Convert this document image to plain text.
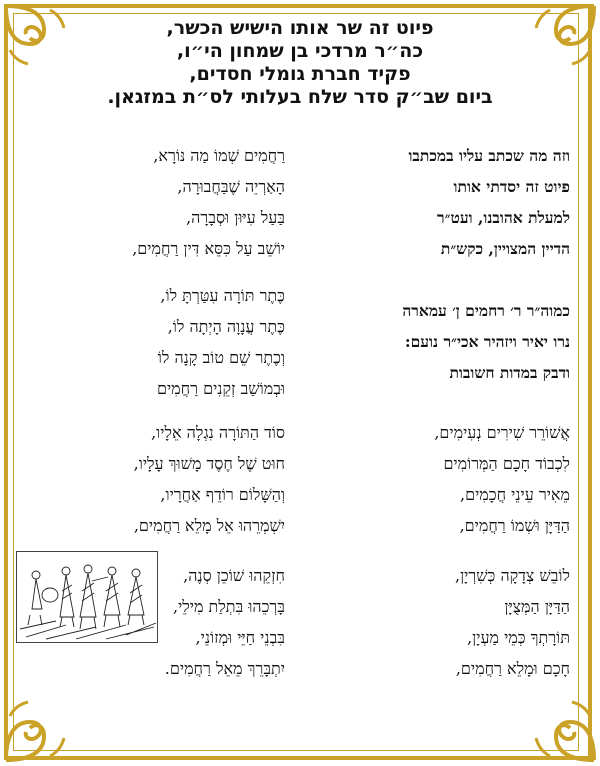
פיוט זה שר אותו הישיש הכשר,
כה״ר מרדכי בן שמחון הי״ו,
פקיד חברת גומלי חסדים,
ביום שב״ק סדר שלח בעלותי לס״ת במזגאן.
וזה מה שכתב עליו במכתבו
פיוט זה יסדתי אותו
למעלת אהובנו, ועט״ר
הדיין המצויין, כקש״ת
כמוה״ר ר׳ רחמים ן׳ עמארה
נרו יאיר ויזהיר אכי״ר נועם:
ודבק במדות חשובות
רַחֲמִים שְׁמוֹ מַה נּוֹרָא,
הָאַרְיֵה שֶׁבַּחֲבוּרָה,
בַּעַל עִיּוּן וּסְבָרָה,
יוֹשֵׁב עַל כִּסֵּא דִּין רַחֲמִים,
כֶּתֶר תּוֹרָה עִטַּרְתָּ לוֹ,
כֶּתֶר עֲנָוָה הָיְתָה לוֹ,
וְכֶתֶר שֵׁם טוֹב קָנָה לוֹ
וּבְמוֹשַׁב זְקֵנִים רַחֲמִים
אֲשׁוֹרֵר שִׁירִים נְעִימִים,
לִכְבוֹד חָכָם הַמְּרוֹמִים
מֵאִיר עֵינֵי חֲכָמִים,
הַדַּיָּן וּשְׁמוֹ רַחֲמִים,
סוֹד הַתּוֹרָה נִגְלָה אֵלָיו,
חוּט שֶׁל חֶסֶד מָשׁוּךְ עָלָיו,
וְהַשָּׁלוֹם רוֹדֵף אַחֲרָיו,
יִשְׁמְרֵהוּ אֵל מָלֵא רַחֲמִים,
לוֹבֵשׁ צְדָקָה כְּשִׁרְיָן,
הַדַּיָּן הַמְּצֻיָּן
תּוֹרָתְךָ כְּמֵי מַעְיָן,
חָכָם וּמָלֵא רַחֲמִים,
חִזְקֵהוּ שׁוֹכֵן סְנֶה,
בָּרְכֵהוּ בִּתְלַת מִילֵי,
בִּבְנֵי חַיֵּי וּמְזוֹנֵי,
יִתְבָּרֵךְ מֵאֵל רַחֲמִים.
